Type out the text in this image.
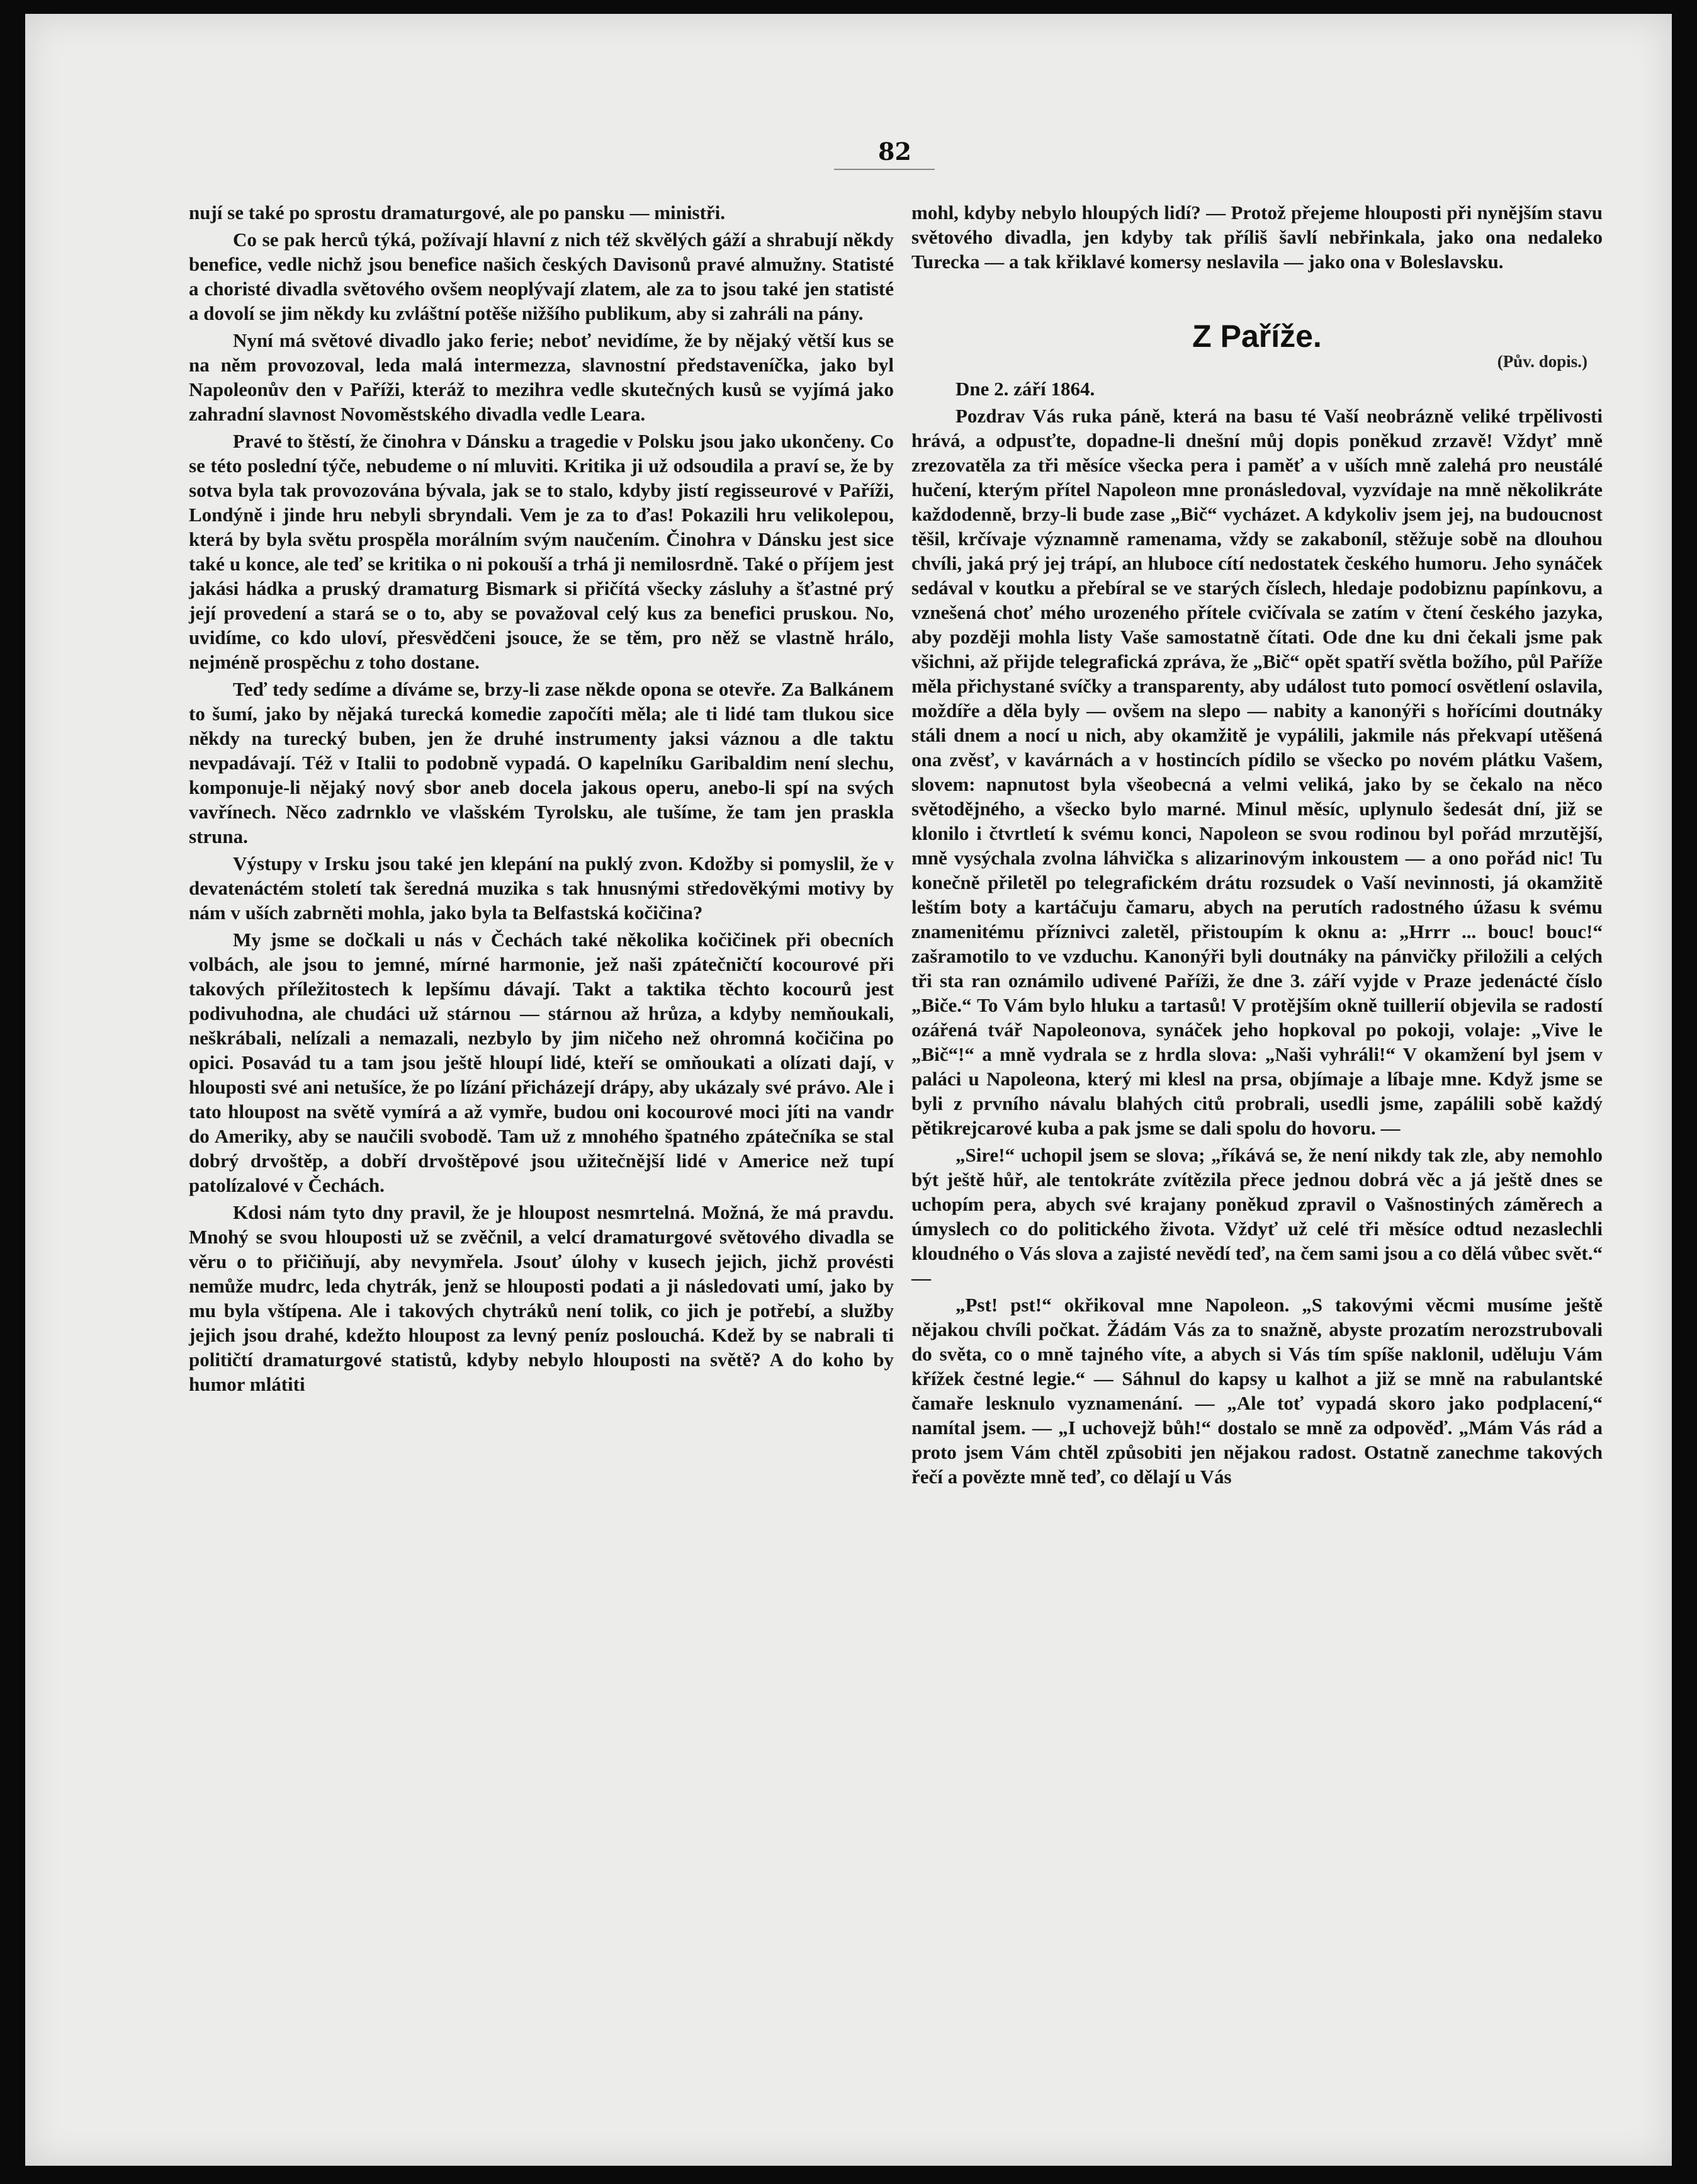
82

nují se také po sprostu dramaturgové, ale po pansku — ministři.

Co se pak herců týká, požívají hlavní z nich též skvělých gáží a shrabují někdy benefice, vedle nichž jsou benefice našich českých Davisonů pravé almužny. Statisté a choristé divadla světového ovšem neoplývají zlatem, ale za to jsou také jen statisté a dovolí se jim někdy ku zvláštní potěše nižšího publikum, aby si zahráli na pány.

Nyní má světové divadlo jako ferie; neboť nevidíme, že by nějaký větší kus se na něm provozoval, leda malá intermezza, slavnostní představeníčka, jako byl Napoleonův den v Paříži, kteráž to mezihra vedle skutečných kusů se vyjímá jako zahradní slavnost Novoměstského divadla vedle Leara.

Pravé to štěstí, že činohra v Dánsku a tragedie v Polsku jsou jako ukončeny. Co se této poslední týče, nebudeme o ní mluviti. Kritika ji už odsoudila a praví se, že by sotva byla tak provozována bývala, jak se to stalo, kdyby jistí regisseurové v Paříži, Londýně i jinde hru nebyli sbryndali. Vem je za to ďas! Pokazili hru velikolepou, která by byla světu prospěla morálním svým naučením. Činohra v Dánsku jest sice také u konce, ale teď se kritika o ni pokouší a trhá ji nemilosrdně. Také o příjem jest jakási hádka a pruský dramaturg Bismark si přičítá všecky zásluhy a šťastné prý její provedení a stará se o to, aby se považoval celý kus za benefici pruskou. No, uvidíme, co kdo uloví, přesvědčeni jsouce, že se těm, pro něž se vlastně hrálo, nejméně prospěchu z toho dostane.

Teď tedy sedíme a díváme se, brzy-li zase někde opona se otevře. Za Balkánem to šumí, jako by nějaká turecká komedie započíti měla; ale ti lidé tam tlukou sice někdy na turecký buben, jen že druhé instrumenty jaksi váznou a dle taktu nevpadávají. Též v Italii to podobně vypadá. O kapelníku Garibaldim není slechu, komponuje-li nějaký nový sbor aneb docela jakous operu, anebo-li spí na svých vavřínech. Něco zadrnklo ve vlašském Tyrolsku, ale tušíme, že tam jen praskla struna.

Výstupy v Irsku jsou také jen klepání na puklý zvon. Kdožby si pomyslil, že v devatenáctém století tak šeredná muzika s tak hnusnými středověkými motivy by nám v uších zabrněti mohla, jako byla ta Belfastská kočičina?

My jsme se dočkali u nás v Čechách také několika kočičinek při obecních volbách, ale jsou to jemné, mírné harmonie, jež naši zpátečničtí kocourové při takových příležitostech k lepšímu dávají. Takt a taktika těchto kocourů jest podivuhodna, ale chudáci už stárnou — stárnou až hrůza, a kdyby nemňoukali, neškrábali, nelízali a nemazali, nezbylo by jim ničeho než ohromná kočičina po opici. Posavád tu a tam jsou ještě hloupí lidé, kteří se omňoukati a olízati dají, v hlouposti své ani netušíce, že po lízání přicházejí drápy, aby ukázaly své právo. Ale i tato hloupost na světě vymírá a až vymře, budou oni kocourové moci jíti na vandr do Ameriky, aby se naučili svobodě. Tam už z mnohého špatného zpátečníka se stal dobrý drvoštěp, a dobří drvoštěpové jsou užitečnější lidé v Americe než tupí patolízalové v Čechách.

Kdosi nám tyto dny pravil, že je hloupost nesmrtelná. Možná, že má pravdu. Mnohý se svou hlouposti už se zvěčnil, a velcí dramaturgové světového divadla se věru o to přičiňují, aby nevymřela. Jsouť úlohy v kusech jejich, jichž provésti nemůže mudrc, leda chytrák, jenž se hlouposti podati a ji následovati umí, jako by mu byla vštípena. Ale i takových chytráků není tolik, co jich je potřebí, a služby jejich jsou drahé, kdežto hloupost za levný peníz poslouchá. Kdež by se nabrali ti političtí dramaturgové statistů, kdyby nebylo hlouposti na světě? A do koho by humor mlátiti

mohl, kdyby nebylo hloupých lidí? — Protož přejeme hlouposti při nynějším stavu světového divadla, jen kdyby tak příliš šavlí nebřinkala, jako ona nedaleko Turecka — a tak křiklavé komersy neslavila — jako ona v Boleslavsku.

Z Paříže.
(Pův. dopis.)

Dne 2. září 1864.

Pozdrav Vás ruka páně, která na basu té Vaší neobrázně veliké trpělivosti hrává, a odpusťte, dopadne-li dnešní můj dopis poněkud zrzavě! Vždyť mně zrezovatěla za tři měsíce všecka pera i paměť a v uších mně zalehá pro neustálé hučení, kterým přítel Napoleon mne pronásledoval, vyzvídaje na mně několikráte každodenně, brzy-li bude zase „Bič“ vycházet. A kdykoliv jsem jej, na budoucnost těšil, krčívaje významně ramenama, vždy se zakaboníl, stěžuje sobě na dlouhou chvíli, jaká prý jej trápí, an hluboce cítí nedostatek českého humoru. Jeho synáček sedával v koutku a přebíral se ve starých číslech, hledaje podobiznu papínkovu, a vznešená choť mého urozeného přítele cvičívala se zatím v čtení českého jazyka, aby později mohla listy Vaše samostatně čítati. Ode dne ku dni čekali jsme pak všichni, až přijde telegrafická zpráva, že „Bič“ opět spatří světla božího, půl Paříže měla přichystané svíčky a transparenty, aby událost tuto pomocí osvětlení oslavila, moždíře a děla byly — ovšem na slepo — nabity a kanonýři s hořícími doutnáky stáli dnem a nocí u nich, aby okamžitě je vypálili, jakmile nás překvapí utěšená ona zvěsť, v kavárnách a v hostincích pídilo se všecko po novém plátku Vašem, slovem: napnutost byla všeobecná a velmi veliká, jako by se čekalo na něco světodějného, a všecko bylo marné. Minul měsíc, uplynulo šedesát dní, již se klonilo i čtvrtletí k svému konci, Napoleon se svou rodinou byl pořád mrzutější, mně vysýchala zvolna láhvička s alizarinovým inkoustem — a ono pořád nic! Tu konečně přiletěl po telegrafickém drátu rozsudek o Vaší nevinnosti, já okamžitě leštím boty a kartáčuju čamaru, abych na perutích radostného úžasu k svému znamenitému příznivci zaletěl, přistoupím k oknu a: „Hrrr ... bouc! bouc!“ zašramotilo to ve vzduchu. Kanonýři byli doutnáky na pánvičky přiložili a celých tři sta ran oznámilo udivené Paříži, že dne 3. září vyjde v Praze jedenácté číslo „Biče.“ To Vám bylo hluku a tartasů! V protějším okně tuillerií objevila se radostí ozářená tvář Napoleonova, synáček jeho hopkoval po pokoji, volaje: „Vive le „Bič“!“ a mně vydrala se z hrdla slova: „Naši vyhráli!“ V okamžení byl jsem v paláci u Napoleona, který mi klesl na prsa, objímaje a líbaje mne. Když jsme se byli z prvního návalu blahých citů probrali, usedli jsme, zapálili sobě každý pětikrejcarové kuba a pak jsme se dali spolu do hovoru. —

„Sire!“ uchopil jsem se slova; „říkává se, že není nikdy tak zle, aby nemohlo být ještě hůř, ale tentokráte zvítězila přece jednou dobrá věc a já ještě dnes se uchopím pera, abych své krajany poněkud zpravil o Vašnostiných záměrech a úmyslech co do politického života. Vždyť už celé tři měsíce odtud nezaslechli kloudného o Vás slova a zajisté nevědí teď, na čem sami jsou a co dělá vůbec svět.“ —

„Pst! pst!“ okřikoval mne Napoleon. „S takovými věcmi musíme ještě nějakou chvíli počkat. Žádám Vás za to snažně, abyste prozatím nerozstrubovali do světa, co o mně tajného víte, a abych si Vás tím spíše naklonil, uděluju Vám křížek čestné legie.“ — Sáhnul do kapsy u kalhot a již se mně na rabulantské čamaře lesknulo vyznamenání. — „Ale toť vypadá skoro jako podplacení,“ namítal jsem. — „I uchovejž bůh!“ dostalo se mně za odpověď. „Mám Vás rád a proto jsem Vám chtěl způsobiti jen nějakou radost. Ostatně zanechme takových řečí a povězte mně teď, co dělají u Vás
